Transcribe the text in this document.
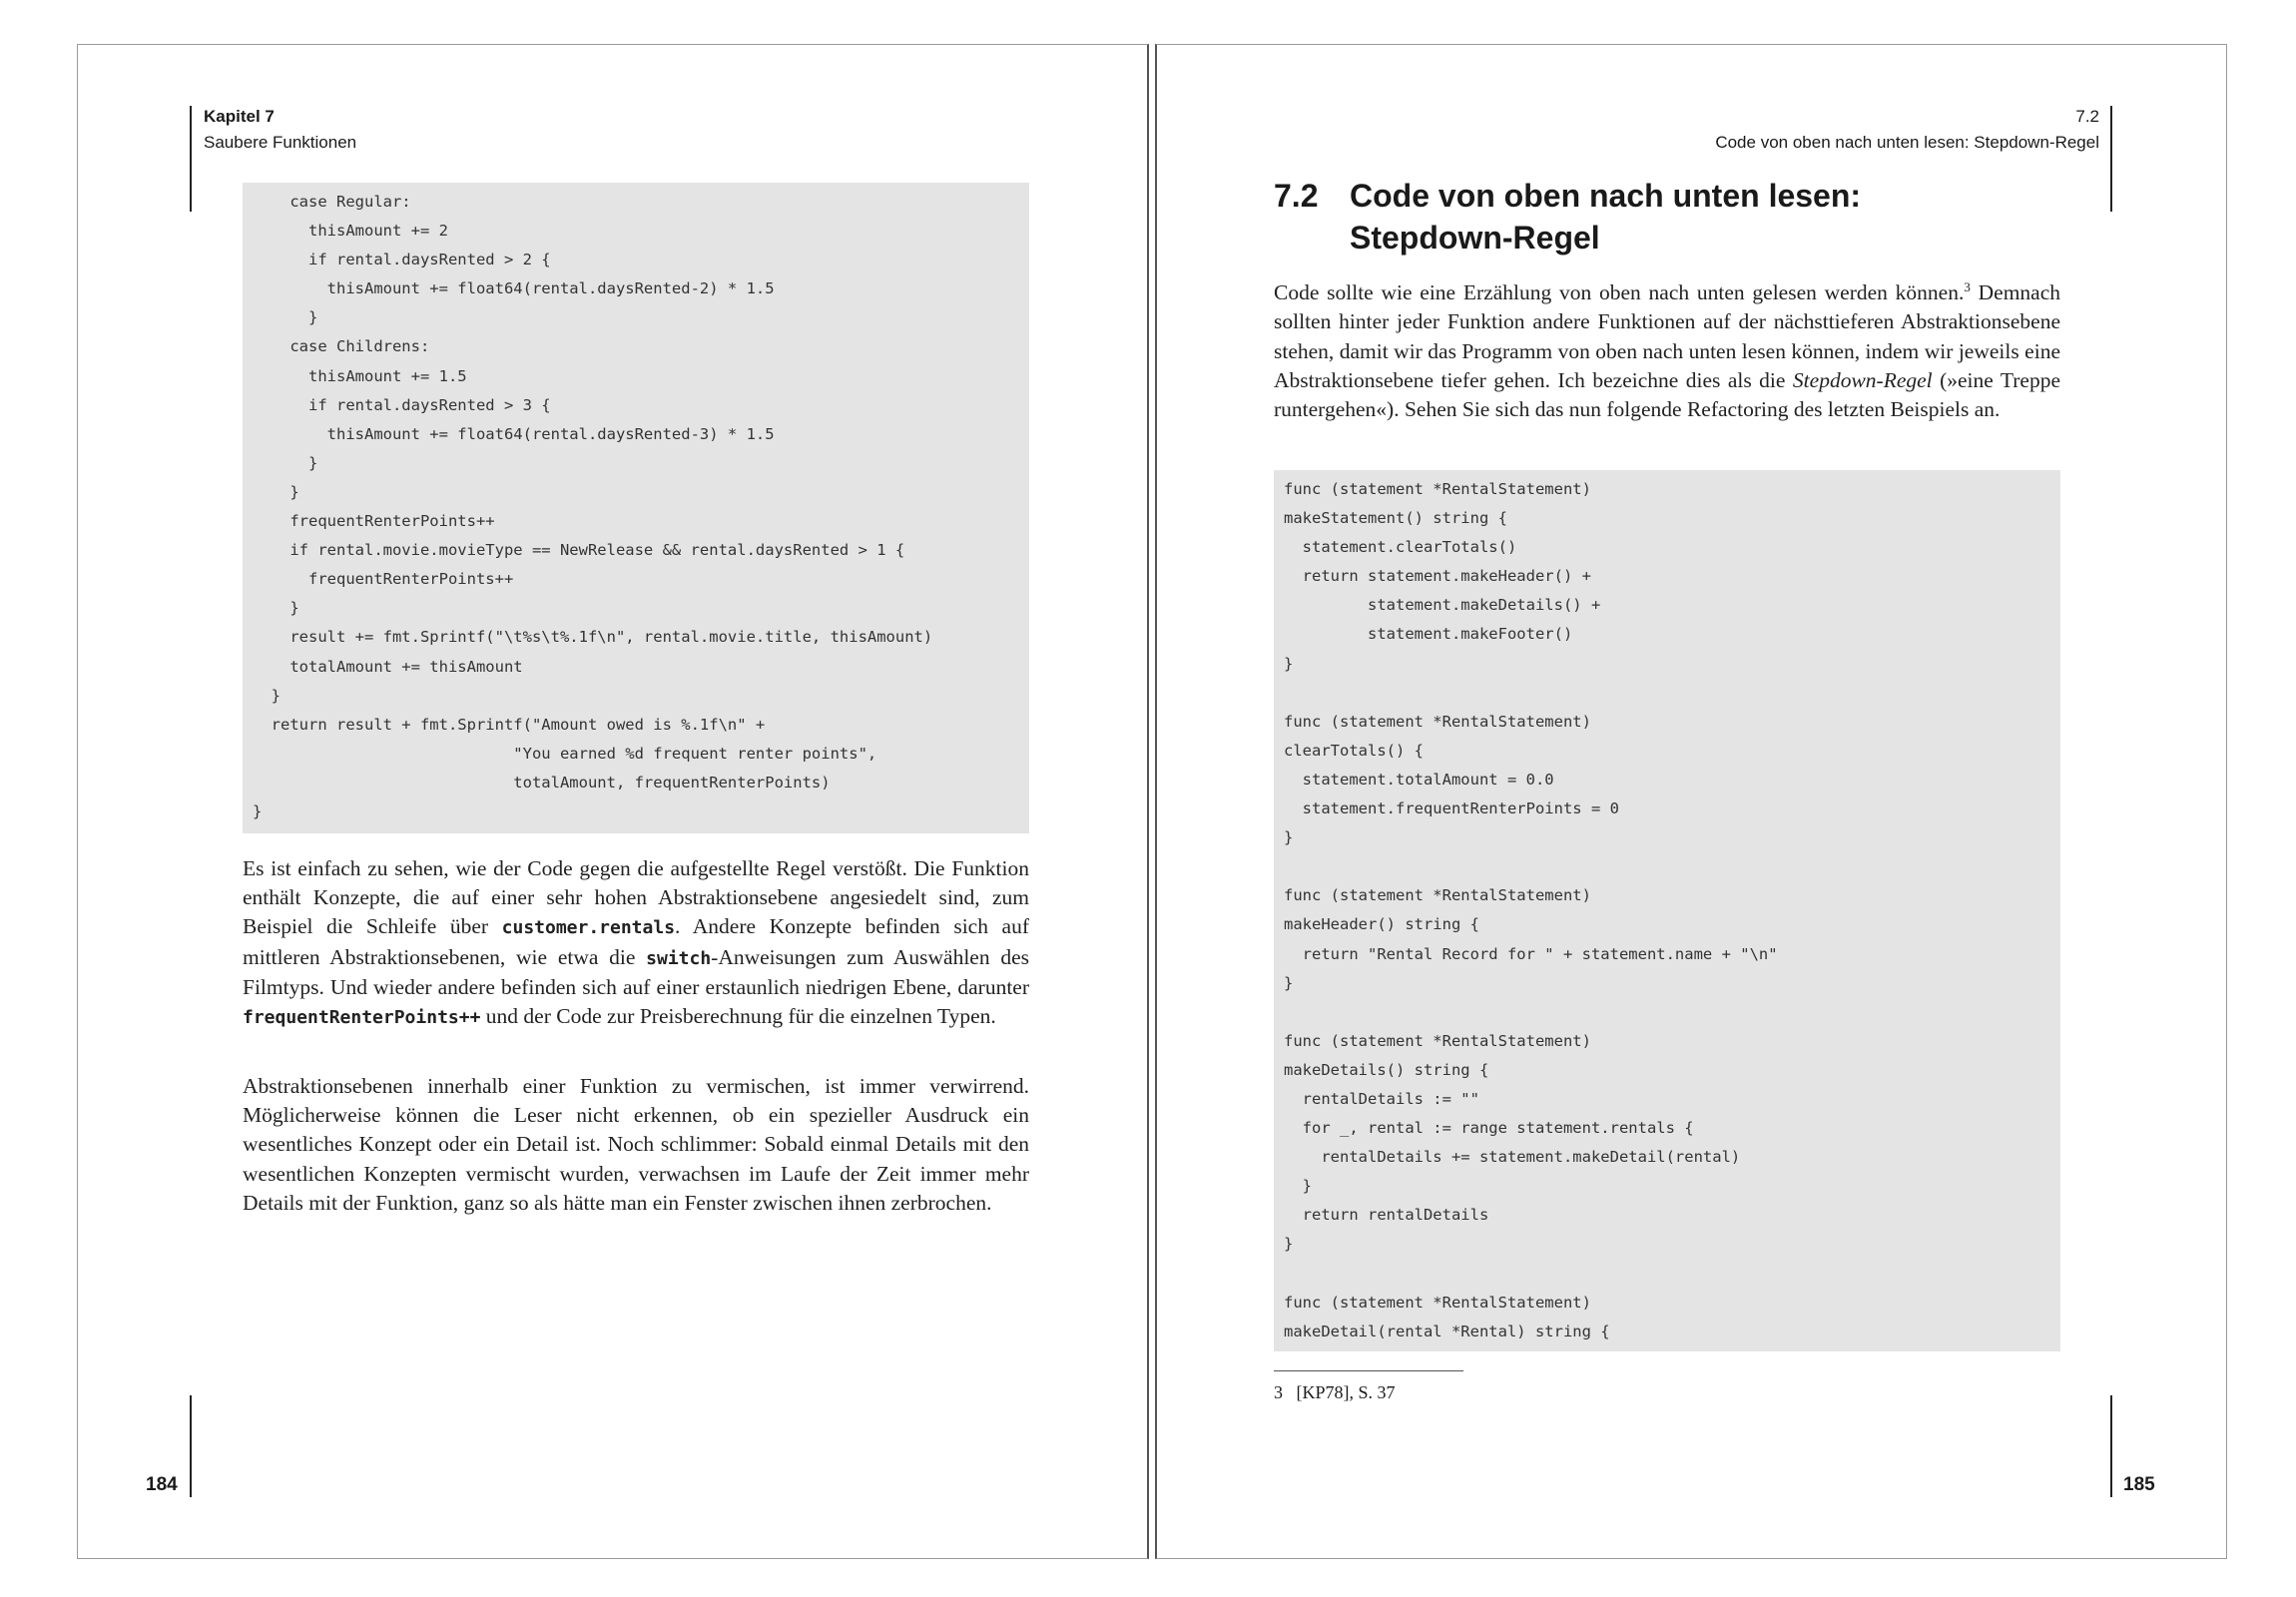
Kapitel 7
Saubere Funktionen
case Regular:
thisAmount += 2
if rental.daysRented > 2 {
thisAmount += float64(rental.daysRented-2) * 1.5
}
case Childrens:
thisAmount += 1.5
if rental.daysRented > 3 {
thisAmount += float64(rental.daysRented-3) * 1.5
}
}
frequentRenterPoints++
if rental.movie.movieType == NewRelease && rental.daysRented > 1 {
frequentRenterPoints++
}
result += fmt.Sprintf("\t%s\t%.1f\n", rental.movie.title, thisAmount)
totalAmount += thisAmount
}
return result + fmt.Sprintf("Amount owed is %.1f\n" +
"You earned %d frequent renter points",
totalAmount, frequentRenterPoints)
}

Es ist einfach zu sehen, wie der Code gegen die aufgestellte Regel verstößt. Die Funktion enthält Konzepte, die auf einer sehr hohen Abstraktionsebene angesiedelt sind, zum Beispiel die Schleife über customer.rentals. Andere Konzepte befinden sich auf mittleren Abstraktionsebenen, wie etwa die switch-Anweisungen zum Auswählen des Filmtyps. Und wieder andere befinden sich auf einer erstaunlich niedrigen Ebene, darunter frequentRenterPoints++ und der Code zur Preisberechnung für die einzelnen Typen.

Abstraktionsebenen innerhalb einer Funktion zu vermischen, ist immer verwirrend. Möglicherweise können die Leser nicht erkennen, ob ein spezieller Ausdruck ein wesentliches Konzept oder ein Detail ist. Noch schlimmer: Sobald einmal Details mit den wesentlichen Konzepten vermischt wurden, verwachsen im Laufe der Zeit immer mehr Details mit der Funktion, ganz so als hätte man ein Fenster zwischen ihnen zerbrochen.

184
7.2
Code von oben nach unten lesen: Stepdown-Regel
7.2 Code von oben nach unten lesen:
Stepdown-Regel

Code sollte wie eine Erzählung von oben nach unten gelesen werden können.$^3$ Demnach sollten hinter jeder Funktion andere Funktionen auf der nächsttieferen Abstraktionsebene stehen, damit wir das Programm von oben nach unten lesen können, indem wir jeweils eine Abstraktionsebene tiefer gehen. Ich bezeichne dies als die Stepdown-Regel (»eine Treppe runtergehen«). Sehen Sie sich das nun folgende Refactoring des letzten Beispiels an.

func (statement *RentalStatement)
makeStatement() string {
statement.clearTotals()
return statement.makeHeader() +
statement.makeDetails() +
statement.makeFooter()
}
func (statement *RentalStatement)
clearTotals() {
statement.totalAmount = 0.0
statement.frequentRenterPoints = 0
}
func (statement *RentalStatement)
makeHeader() string {
return "Rental Record for " + statement.name + "\n"
}
func (statement *RentalStatement)
makeDetails() string {
rentalDetails := ""
for _, rental := range statement.rentals {
rentalDetails += statement.makeDetail(rental)
}
return rentalDetails
}
func (statement *RentalStatement)
makeDetail(rental *Rental) string {
3   [KP78], S. 37
185
